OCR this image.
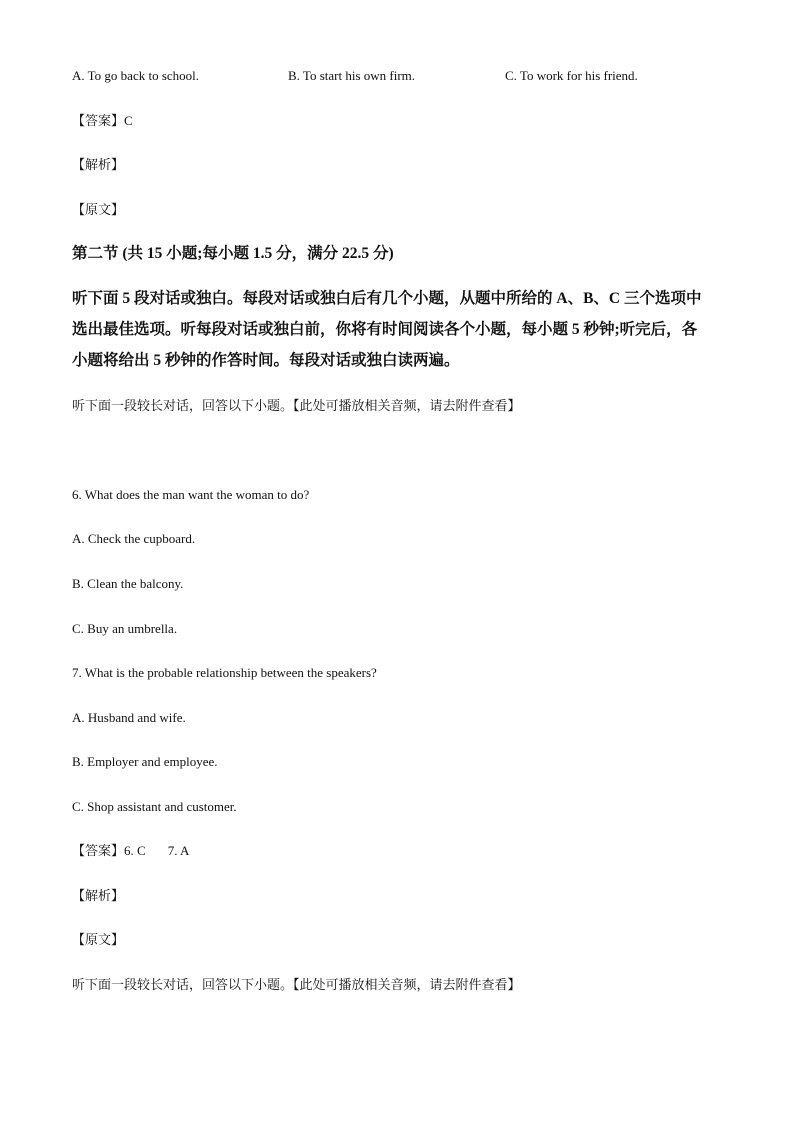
A. To go back to school.	B. To start his own firm.	C. To work for his friend.
【答案】C
【解析】
【原文】
第二节 (共 15 小题;每小题 1.5 分，满分 22.5 分)
听下面 5 段对话或独白。每段对话或独白后有几个小题，从题中所给的 A、B、C 三个选项中
选出最佳选项。听每段对话或独白前，你将有时间阅读各个小题，每小题 5 秒钟;听完后，各
小题将给出 5 秒钟的作答时间。每段对话或独白读两遍。
听下面一段较长对话，回答以下小题。【此处可播放相关音频，请去附件查看】
6. What does the man want the woman to do?
A. Check the cupboard.
B. Clean the balcony.
C. Buy an umbrella.
7. What is the probable relationship between the speakers?
A. Husband and wife.
B. Employer and employee.
C. Shop assistant and customer.
【答案】6. C 7. A
【解析】
【原文】
听下面一段较长对话，回答以下小题。【此处可播放相关音频，请去附件查看】
